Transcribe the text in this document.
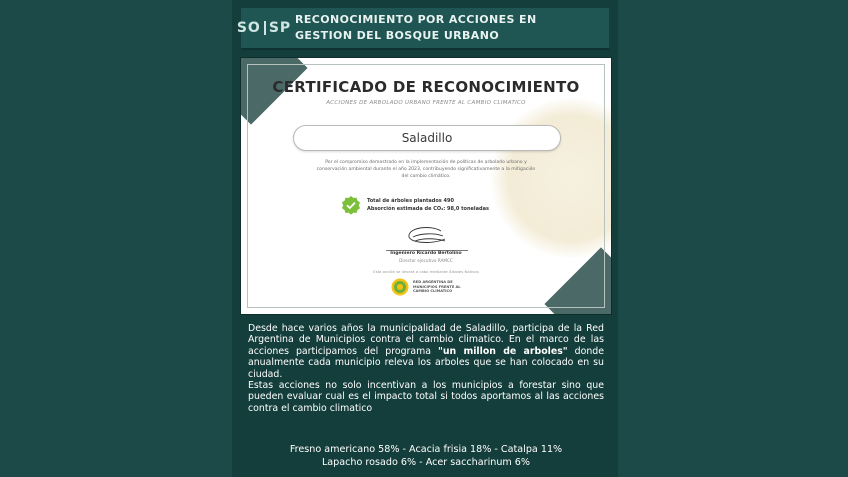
SO SP
RECONOCIMIENTO POR ACCIONES EN
GESTION DEL BOSQUE URBANO
CERTIFICADO DE RECONOCIMIENTO
ACCIONES DE ARBOLADO URBANO FRENTE AL CAMBIO CLIMATICO
Saladillo
Por el compromiso demostrado en la implementación de políticas de arbolado urbano y conservación ambiental durante el año 2023, contribuyendo significativamente a la mitigación del cambio climático.
Total de árboles plantados 490
Absorción estimada de CO₂: 98,0 toneladas
Ingeniero Ricardo Bertolino
Director ejecutivo RAMCC
Esta acción se llevará a cabo mediante Árboles Nativos
RED ARGENTINA DE
MUNICIPIOS FRENTE AL
CAMBIO CLIMATICO
Desde hace varios años la municipalidad de Saladillo, participa de la Red Argentina de Municipios contra el cambio climatico. En el marco de las acciones participamos del programa "un millon de arboles" donde anualmente cada municipio releva los arboles que se han colocado en su ciudad.
Estas acciones no solo incentivan a los municipios a forestar sino que pueden evaluar cual es el impacto total si todos aportamos al las acciones contra el cambio climatico
Fresno americano 58% - Acacia frisia 18% - Catalpa 11%
Lapacho rosado 6% - Acer saccharinum 6%
